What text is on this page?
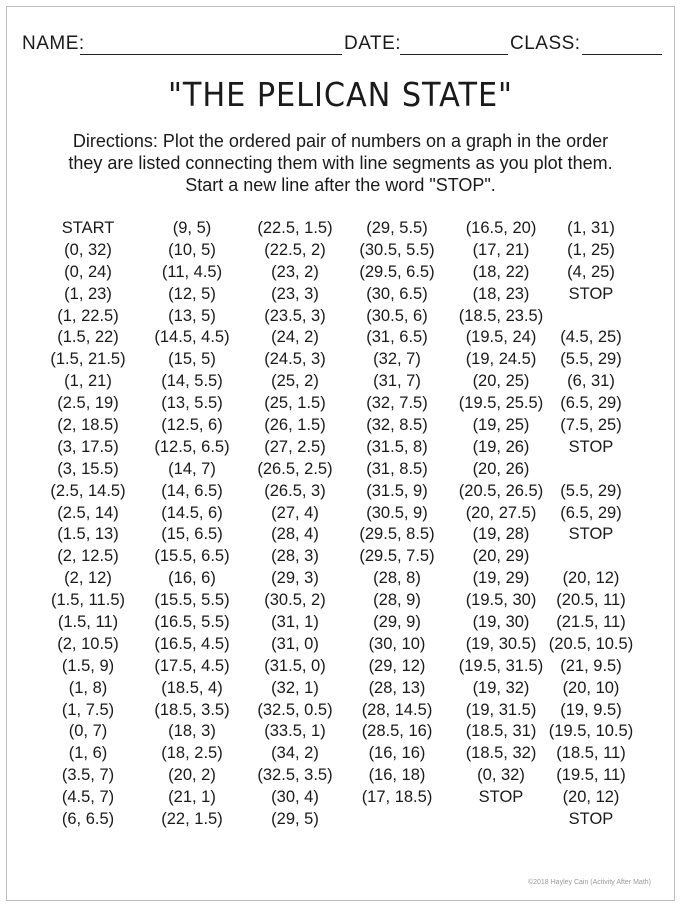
NAME:	DATE:	CLASS:
"THE PELICAN STATE"
Directions: Plot the ordered pair of numbers on a graph in the order
they are listed connecting them with line segments as you plot them.
Start a new line after the word "STOP".
START
(0, 32)
(0, 24)
(1, 23)
(1, 22.5)
(1.5, 22)
(1.5, 21.5)
(1, 21)
(2.5, 19)
(2, 18.5)
(3, 17.5)
(3, 15.5)
(2.5, 14.5)
(2.5, 14)
(1.5, 13)
(2, 12.5)
(2, 12)
(1.5, 11.5)
(1.5, 11)
(2, 10.5)
(1.5, 9)
(1, 8)
(1, 7.5)
(0, 7)
(1, 6)
(3.5, 7)
(4.5, 7)
(6, 6.5)
(9, 5)
(10, 5)
(11, 4.5)
(12, 5)
(13, 5)
(14.5, 4.5)
(15, 5)
(14, 5.5)
(13, 5.5)
(12.5, 6)
(12.5, 6.5)
(14, 7)
(14, 6.5)
(14.5, 6)
(15, 6.5)
(15.5, 6.5)
(16, 6)
(15.5, 5.5)
(16.5, 5.5)
(16.5, 4.5)
(17.5, 4.5)
(18.5, 4)
(18.5, 3.5)
(18, 3)
(18, 2.5)
(20, 2)
(21, 1)
(22, 1.5)
(22.5, 1.5)
(22.5, 2)
(23, 2)
(23, 3)
(23.5, 3)
(24, 2)
(24.5, 3)
(25, 2)
(25, 1.5)
(26, 1.5)
(27, 2.5)
(26.5, 2.5)
(26.5, 3)
(27, 4)
(28, 4)
(28, 3)
(29, 3)
(30.5, 2)
(31, 1)
(31, 0)
(31.5, 0)
(32, 1)
(32.5, 0.5)
(33.5, 1)
(34, 2)
(32.5, 3.5)
(30, 4)
(29, 5)
(29, 5.5)
(30.5, 5.5)
(29.5, 6.5)
(30, 6.5)
(30.5, 6)
(31, 6.5)
(32, 7)
(31, 7)
(32, 7.5)
(32, 8.5)
(31.5, 8)
(31, 8.5)
(31.5, 9)
(30.5, 9)
(29.5, 8.5)
(29.5, 7.5)
(28, 8)
(28, 9)
(29, 9)
(30, 10)
(29, 12)
(28, 13)
(28, 14.5)
(28.5, 16)
(16, 16)
(16, 18)
(17, 18.5)
(16.5, 20)
(17, 21)
(18, 22)
(18, 23)
(18.5, 23.5)
(19.5, 24)
(19, 24.5)
(20, 25)
(19.5, 25.5)
(19, 25)
(19, 26)
(20, 26)
(20.5, 26.5)
(20, 27.5)
(19, 28)
(20, 29)
(19, 29)
(19.5, 30)
(19, 30)
(19, 30.5)
(19.5, 31.5)
(19, 32)
(19, 31.5)
(18.5, 31)
(18.5, 32)
(0, 32)
STOP
(1, 31)
(1, 25)
(4, 25)
STOP
(4.5, 25)
(5.5, 29)
(6, 31)
(6.5, 29)
(7.5, 25)
STOP
(5.5, 29)
(6.5, 29)
STOP
(20, 12)
(20.5, 11)
(21.5, 11)
(20.5, 10.5)
(21, 9.5)
(20, 10)
(19, 9.5)
(19.5, 10.5)
(18.5, 11)
(19.5, 11)
(20, 12)
STOP
©2018 Hayley Cain (Activity After Math)
